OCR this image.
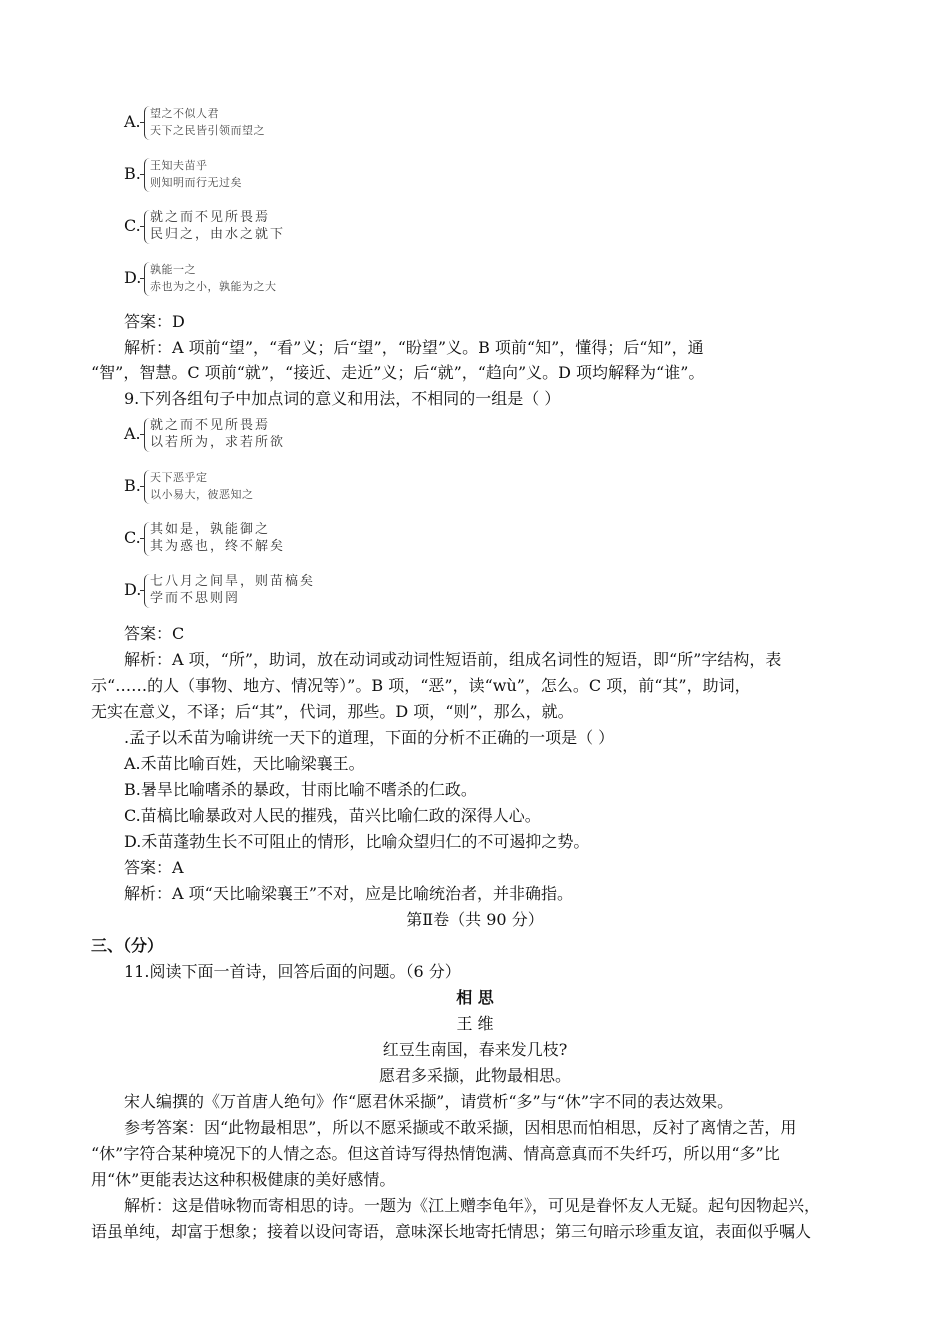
A. 望之不似人君
天下之民皆引领而望之
B. 王知夫苗乎
则知明而行无过矣
C. 就之而不见所畏焉
民归之，由水之就下
D. 孰能一之
赤也为之小，孰能为之大
答案：D
解析：A 项前“望”，“看”义；后“望”，“盼望”义。B 项前“知”，懂得；后“知”，通
“智”，智慧。C 项前“就”，“接近、走近”义；后“就”，“趋向”义。D 项均解释为“谁”。
9.下列各组句子中加点词的意义和用法，不相同的一组是（ ）
A. 就之而不见所畏焉
以若所为，求若所欲
B. 天下恶乎定
以小易大，彼恶知之
C. 其如是，孰能御之
其为惑也，终不解矣
D. 七八月之间旱，则苗槁矣
学而不思则罔
答案：C
解析：A 项，“所”，助词，放在动词或动词性短语前，组成名词性的短语，即“所”字结构，表
示“……的人（事物、地方、情况等）”。B 项，“恶”，读“wù”，怎么。C 项，前“其”，助词，
无实在意义，不译；后“其”，代词，那些。D 项，“则”，那么，就。
.孟子以禾苗为喻讲统一天下的道理，下面的分析不正确的一项是（ ）
A.禾苗比喻百姓，天比喻梁襄王。
B.暑旱比喻嗜杀的暴政，甘雨比喻不嗜杀的仁政。
C.苗槁比喻暴政对人民的摧残，苗兴比喻仁政的深得人心。
D.禾苗蓬勃生长不可阻止的情形，比喻众望归仁的不可遏抑之势。
答案：A
解析：A 项“天比喻梁襄王”不对，应是比喻统治者，并非确指。
第Ⅱ卷（共 90 分）
三、（分）
11.阅读下面一首诗，回答后面的问题。（6 分）
相 思
王 维
红豆生南国，春来发几枝?
愿君多采撷，此物最相思。
宋人编撰的《万首唐人绝句》作“愿君休采撷”，请赏析“多”与“休”字不同的表达效果。
参考答案：因“此物最相思”，所以不愿采撷或不敢采撷，因相思而怕相思，反衬了离情之苦，用
“休”字符合某种境况下的人情之态。但这首诗写得热情饱满、情高意真而不失纤巧，所以用“多”比
用“休”更能表达这种积极健康的美好感情。
解析：这是借咏物而寄相思的诗。一题为《江上赠李龟年》，可见是眷怀友人无疑。起句因物起兴，
语虽单纯，却富于想象；接着以设问寄语，意味深长地寄托情思；第三句暗示珍重友谊，表面似乎嘱人
